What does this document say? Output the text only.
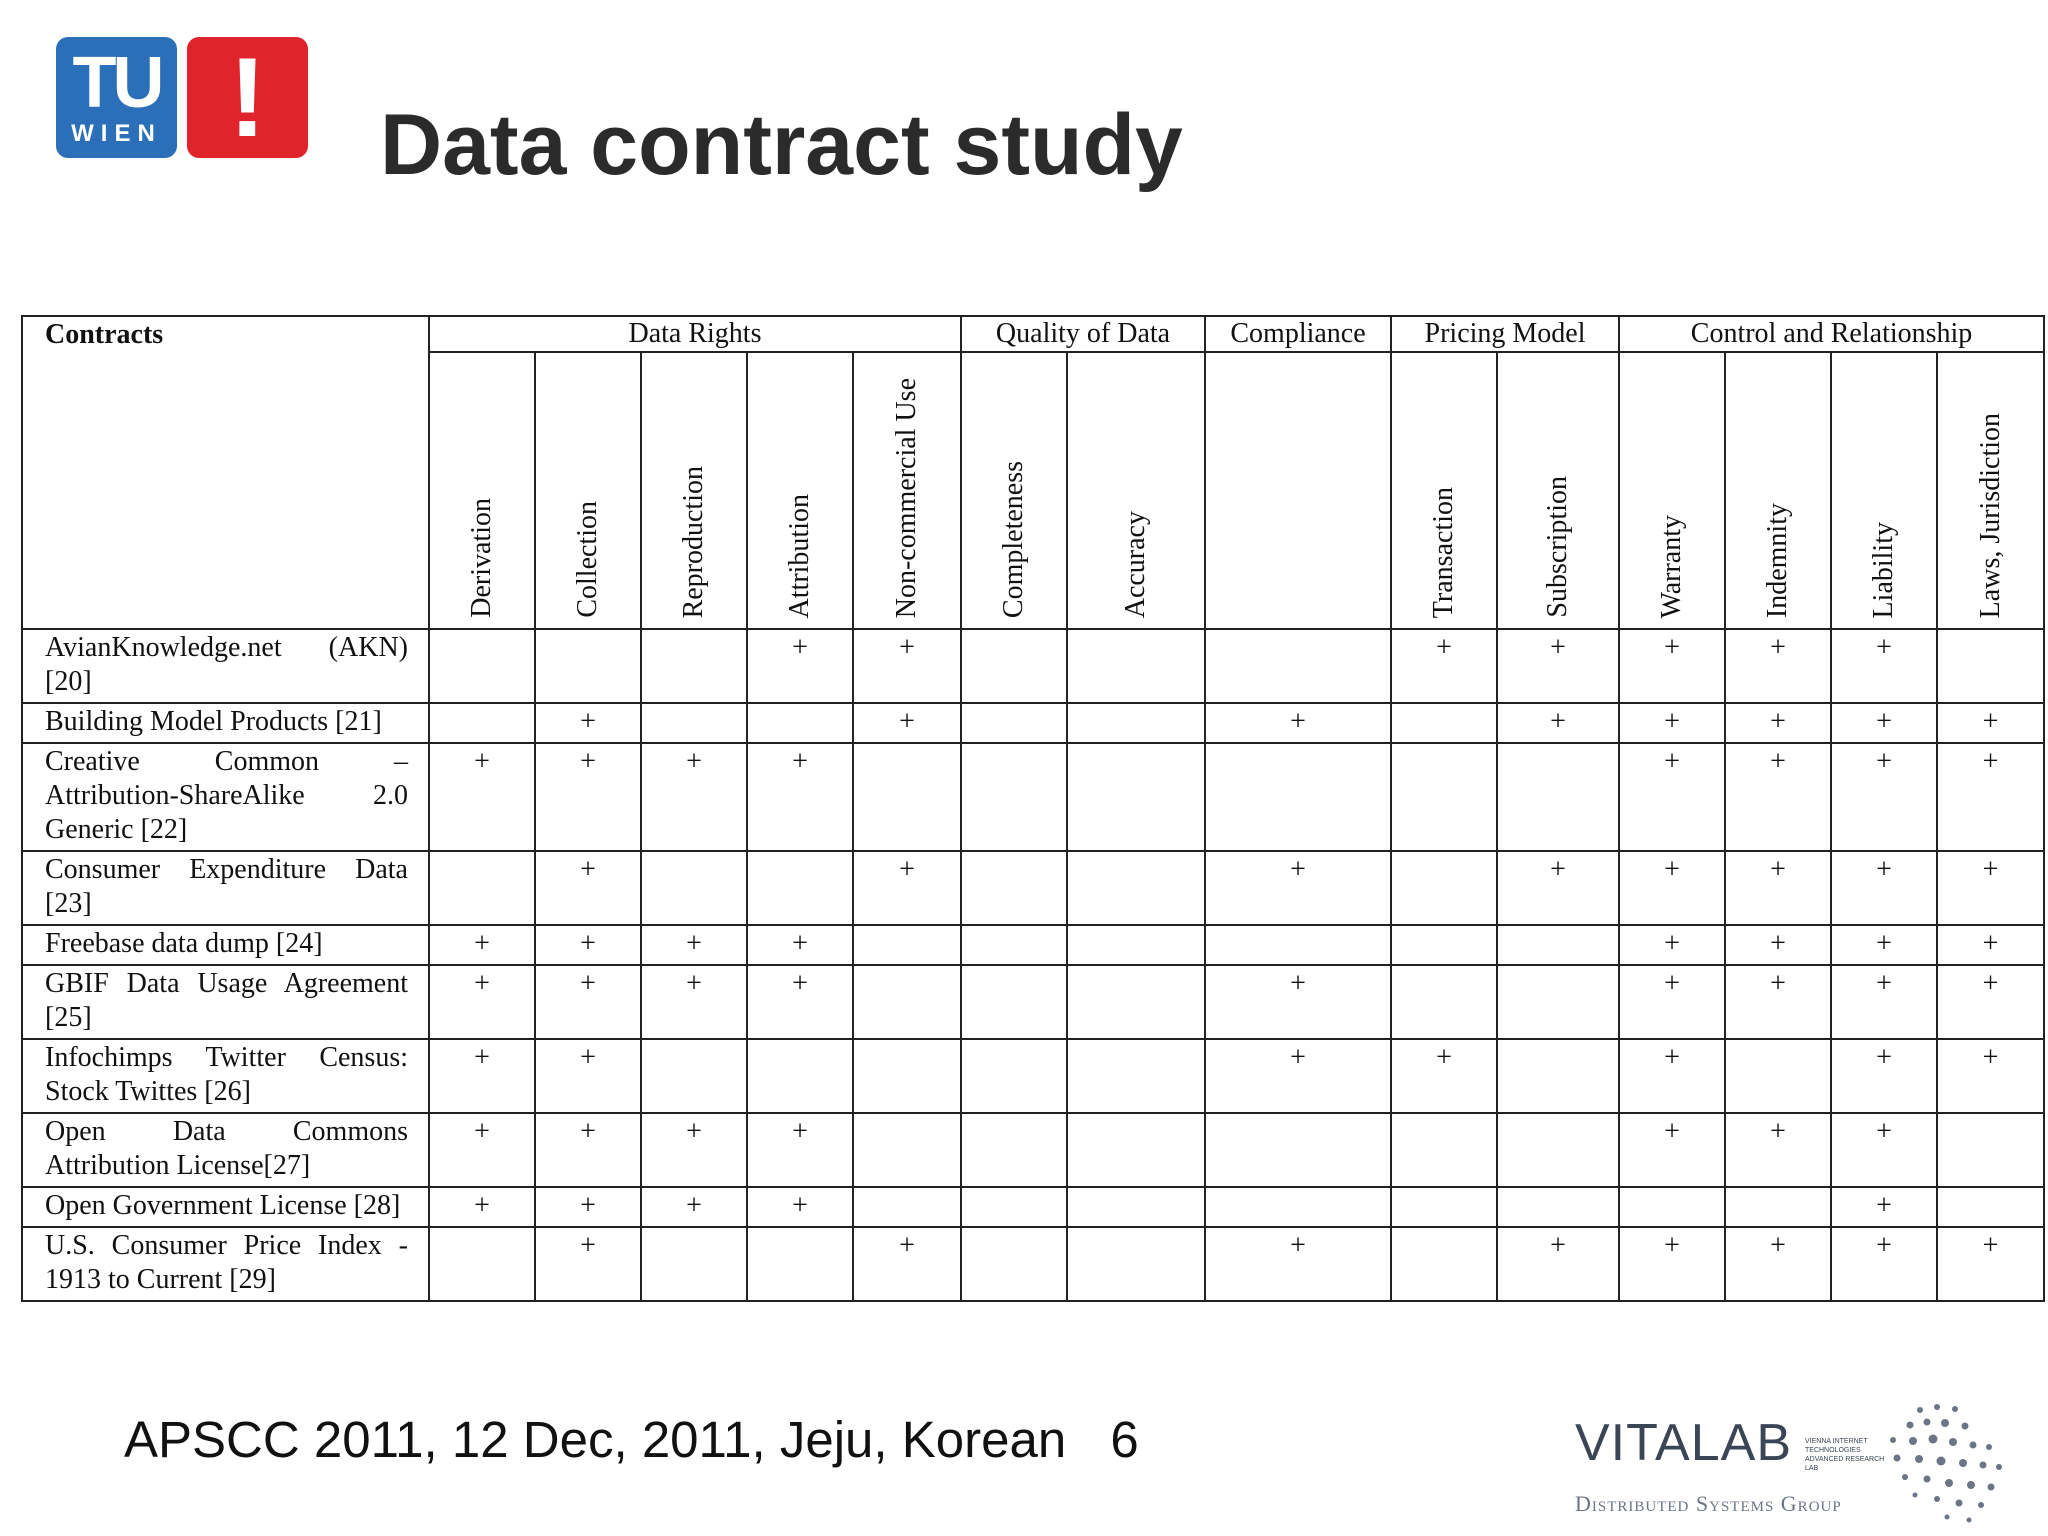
TU
WIEN !	Data contract study
Contracts	Data Rights					Quality of Data		Compliance	Pricing Model		Control and Relationship			

	Derivation	Collection	Reproduction	Attribution	Non-commercial Use	Completeness	Accuracy		Transaction	Subscription	Warranty	Indemnity	Liability	Laws, Jurisdiction

AvianKnowledge.net (AKN) [20]				+	+				+	+	+	+	+	
Building Model Products [21]		+			+			+		+	+	+	+	+
Creative Common – Attribution-ShareAlike 2.0 Generic [22]	+	+	+	+							+	+	+	+
Consumer Expenditure Data [23]		+			+			+		+	+	+	+	+
Freebase data dump [24]	+	+	+	+							+	+	+	+
GBIF Data Usage Agreement [25]	+	+	+	+				+			+	+	+	+
Infochimps Twitter Census: Stock Twittes [26]	+	+						+	+		+		+	+
Open Data Commons Attribution License[27]	+	+	+	+							+	+	+	
Open Government License [28]	+	+	+	+									+	
U.S. Consumer Price Index - 1913 to Current [29]		+			+			+		+	+	+	+	+
APSCC 2011, 12 Dec, 2011, Jeju, Korean 6	VITALAB VIENNA INTERNET TECHNOLOGIES ADVANCED RESEARCH LAB
Distributed Systems Group
